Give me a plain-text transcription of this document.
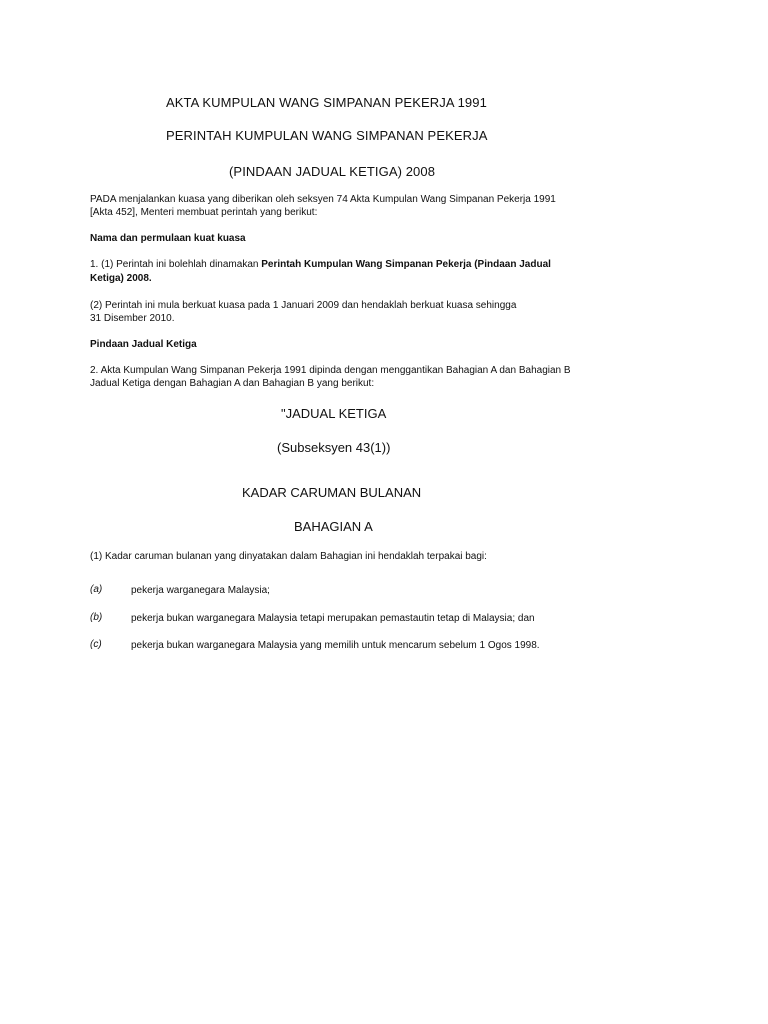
AKTA KUMPULAN WANG SIMPANAN PEKERJA 1991
PERINTAH KUMPULAN WANG SIMPANAN PEKERJA
(PINDAAN JADUAL KETIGA) 2008
PADA menjalankan kuasa yang diberikan oleh seksyen 74 Akta Kumpulan Wang Simpanan Pekerja 1991
[Akta 452], Menteri membuat perintah yang berikut:
Nama dan permulaan kuat kuasa
1. (1) Perintah ini bolehlah dinamakan Perintah Kumpulan Wang Simpanan Pekerja (Pindaan Jadual
Ketiga) 2008.
(2) Perintah ini mula berkuat kuasa pada 1 Januari 2009 dan hendaklah berkuat kuasa sehingga
31 Disember 2010.
Pindaan Jadual Ketiga
2. Akta Kumpulan Wang Simpanan Pekerja 1991 dipinda dengan menggantikan Bahagian A dan Bahagian B
Jadual Ketiga dengan Bahagian A dan Bahagian B yang berikut:
"JADUAL KETIGA
(Subseksyen 43(1))
KADAR CARUMAN BULANAN
BAHAGIAN A
(1) Kadar caruman bulanan yang dinyatakan dalam Bahagian ini hendaklah terpakai bagi:
(a)	pekerja warganegara Malaysia;
(b)	pekerja bukan warganegara Malaysia tetapi merupakan pemastautin tetap di Malaysia; dan
(c)	pekerja bukan warganegara Malaysia yang memilih untuk mencarum sebelum 1 Ogos 1998.
